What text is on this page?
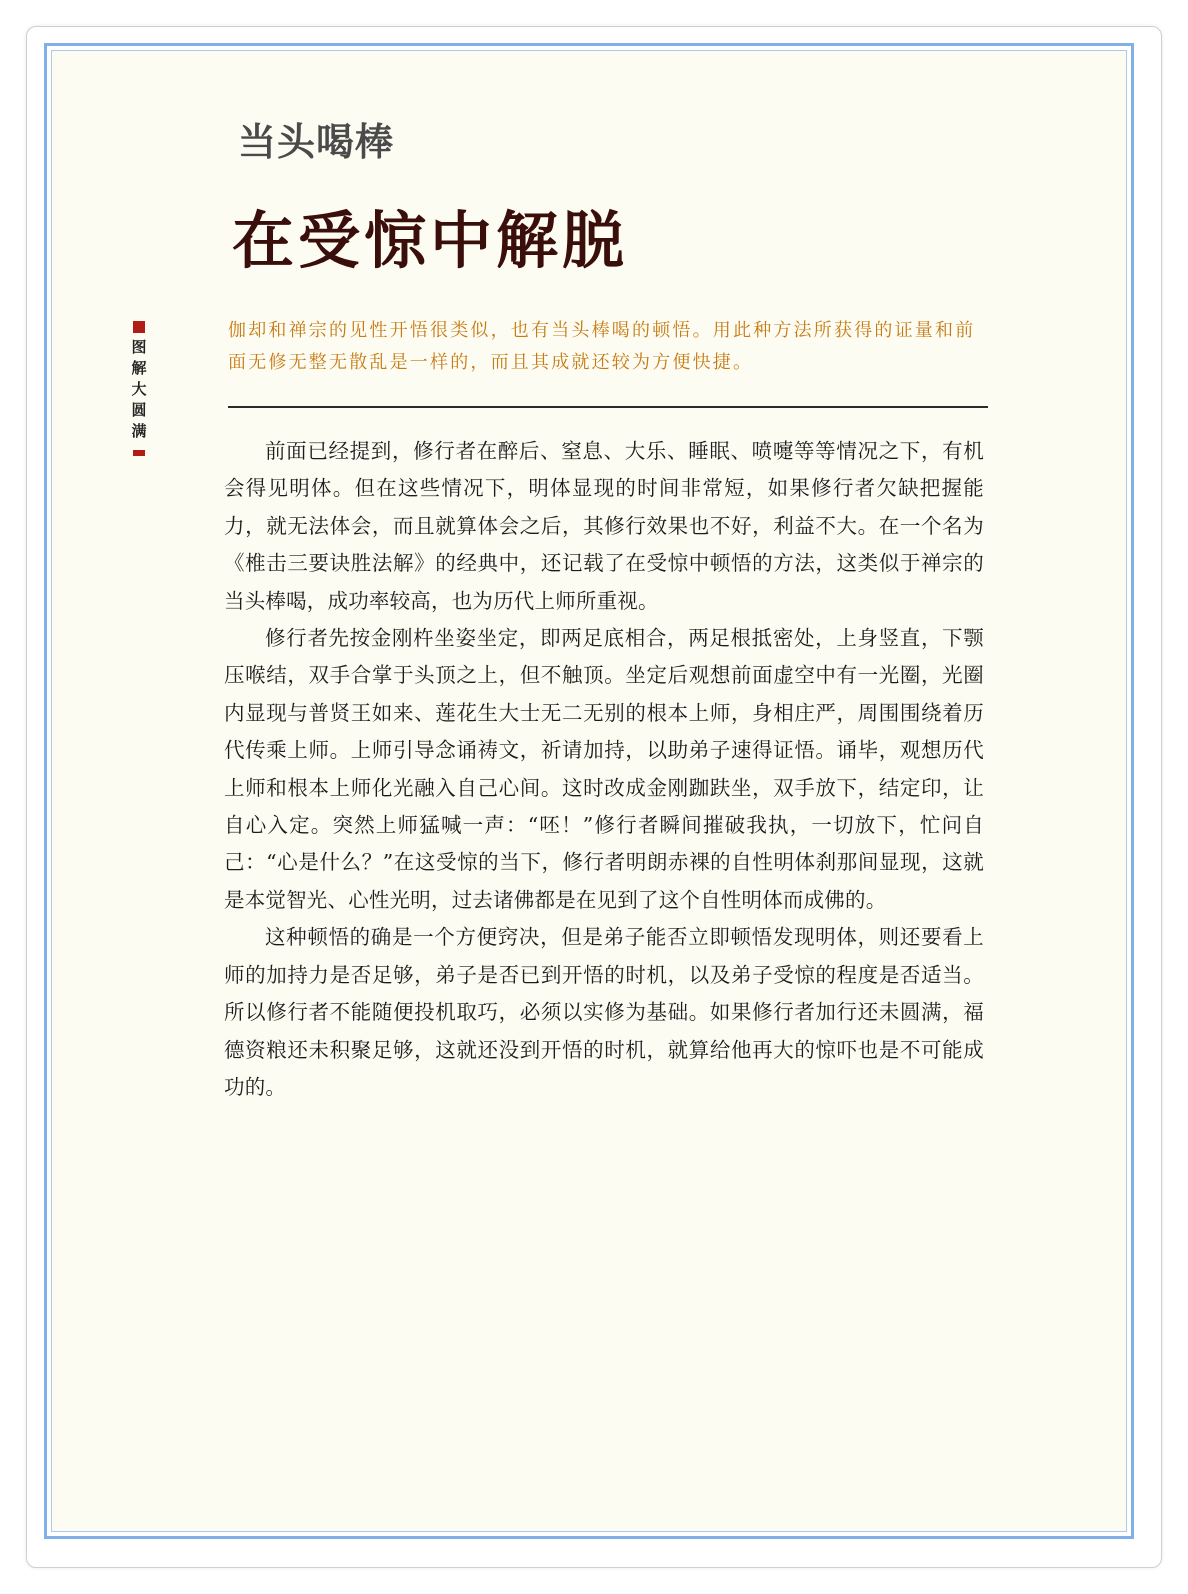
当头喝棒
在受惊中解脱
图解大圆满

伽却和禅宗的见性开悟很类似，也有当头棒喝的顿悟。用此种方法所获得的证量和前面无修无整无散乱是一样的，而且其成就还较为方便快捷。

前面已经提到，修行者在醉后、窒息、大乐、睡眠、喷嚏等等情况之下，有机会得见明体。但在这些情况下，明体显现的时间非常短，如果修行者欠缺把握能力，就无法体会，而且就算体会之后，其修行效果也不好，利益不大。在一个名为《椎击三要诀胜法解》的经典中，还记载了在受惊中顿悟的方法，这类似于禅宗的当头棒喝，成功率较高，也为历代上师所重视。

修行者先按金刚杵坐姿坐定，即两足底相合，两足根抵密处，上身竖直，下颚压喉结，双手合掌于头顶之上，但不触顶。坐定后观想前面虚空中有一光圈，光圈内显现与普贤王如来、莲花生大士无二无别的根本上师，身相庄严，周围围绕着历代传乘上师。上师引导念诵祷文，祈请加持，以助弟子速得证悟。诵毕，观想历代上师和根本上师化光融入自己心间。这时改成金刚跏趺坐，双手放下，结定印，让自心入定。突然上师猛喊一声：“呸！”修行者瞬间摧破我执，一切放下，忙问自己：“心是什么？”在这受惊的当下，修行者明朗赤裸的自性明体刹那间显现，这就是本觉智光、心性光明，过去诸佛都是在见到了这个自性明体而成佛的。

这种顿悟的确是一个方便窍决，但是弟子能否立即顿悟发现明体，则还要看上师的加持力是否足够，弟子是否已到开悟的时机，以及弟子受惊的程度是否适当。所以修行者不能随便投机取巧，必须以实修为基础。如果修行者加行还未圆满，福德资粮还未积聚足够，这就还没到开悟的时机，就算给他再大的惊吓也是不可能成功的。
